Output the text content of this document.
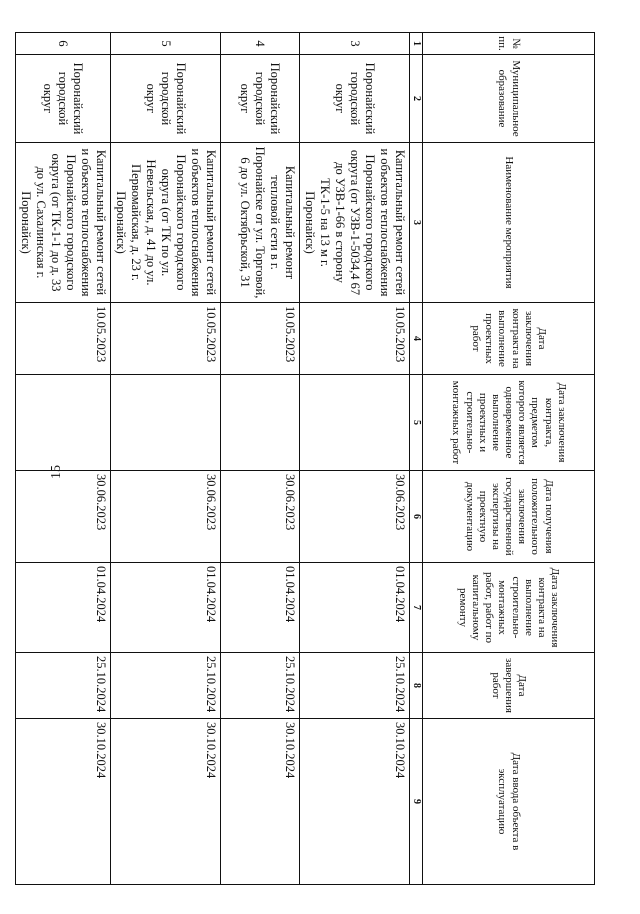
15
№ пп.	Муниципальное образование	Наименование мероприятия	Дата заключения контракта на выполнение проектных работ	Дата заключения контракта, предметом которого является одновременное выполнение проектных и строительно-монтажных работ	Дата получения положительного заключения государственной экспертизы на проектную документацию	Дата заключения контракта на выполнение строительно-монтажных работ, работ по капитальному ремонту	Дата завершения работ	Дата ввода объекта в эксплуатацию
1	2	3	4	5	6	7	8	9
3	Поронайский городской округ	Капитальный ремонт сетей и объектов теплоснабжения Поронайского городского округа (от УЗВ-1-5034,4 67 до УЗВ-1-66 в сторону ТК-1-5 на 13 м г. Поронайск)	10.05.2023		30.06.2023	01.04.2024	25.10.2024	30.10.2024
4	Поронайский городской округ	Капитальный ремонт тепловой сети в г. Поронайске от ул. Торговой, 6 до ул. Октябрьской, 31	10.05.2023		30.06.2023	01.04.2024	25.10.2024	30.10.2024
5	Поронайский городской округ	Капитальный ремонт сетей и объектов теплоснабжения Поронайского городского округа (от ТК по ул. Невельская, д. 41 до ул. Первомайская, д. 23 г. Поронайск)	10.05.2023		30.06.2023	01.04.2024	25.10.2024	30.10.2024
6	Поронайский городской округ	Капитальный ремонт сетей и объектов теплоснабжения Поронайского городского округа (от ТК-1-1 до д. 33 до ул. Сахалинская г. Поронайск)	10.05.2023		30.06.2023	01.04.2024	25.10.2024	30.10.2024
